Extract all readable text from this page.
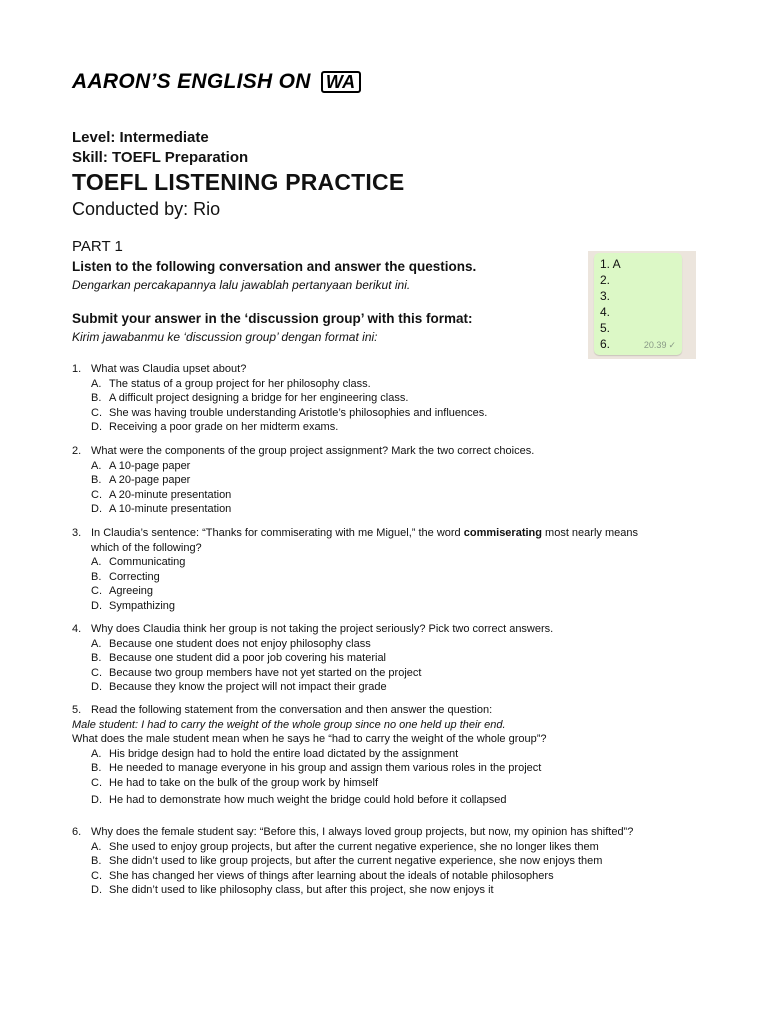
AARON’S ENGLISH ON WA
Level: Intermediate
Skill: TOEFL Preparation
TOEFL LISTENING PRACTICE
Conducted by: Rio
PART 1
Listen to the following conversation and answer the questions.
Dengarkan percakapannya lalu jawablah pertanyaan berikut ini.
Submit your answer in the ‘discussion group’ with this format:
Kirim jawabanmu ke ‘discussion group’ dengan format ini:
1. A
2.
3.
4.
5.
6.	20.39 ✓
1. What was Claudia upset about?
A. The status of a group project for her philosophy class.
B. A difficult project designing a bridge for her engineering class.
C. She was having trouble understanding Aristotle’s philosophies and influences.
D. Receiving a poor grade on her midterm exams.
2. What were the components of the group project assignment? Mark the two correct choices.
A. A 10-page paper
B. A 20-page paper
C. A 20-minute presentation
D. A 10-minute presentation
3. In Claudia’s sentence: “Thanks for commiserating with me Miguel,” the word commiserating most nearly means
which of the following?
A. Communicating
B. Correcting
C. Agreeing
D. Sympathizing
4. Why does Claudia think her group is not taking the project seriously? Pick two correct answers.
A. Because one student does not enjoy philosophy class
B. Because one student did a poor job covering his material
C. Because two group members have not yet started on the project
D. Because they know the project will not impact their grade
5. Read the following statement from the conversation and then answer the question:
Male student: I had to carry the weight of the whole group since no one held up their end.
What does the male student mean when he says he “had to carry the weight of the whole group”?
A. His bridge design had to hold the entire load dictated by the assignment
B. He needed to manage everyone in his group and assign them various roles in the project
C. He had to take on the bulk of the group work by himself
D. He had to demonstrate how much weight the bridge could hold before it collapsed
6. Why does the female student say: “Before this, I always loved group projects, but now, my opinion has shifted”?
A. She used to enjoy group projects, but after the current negative experience, she no longer likes them
B. She didn’t used to like group projects, but after the current negative experience, she now enjoys them
C. She has changed her views of things after learning about the ideals of notable philosophers
D. She didn’t used to like philosophy class, but after this project, she now enjoys it
